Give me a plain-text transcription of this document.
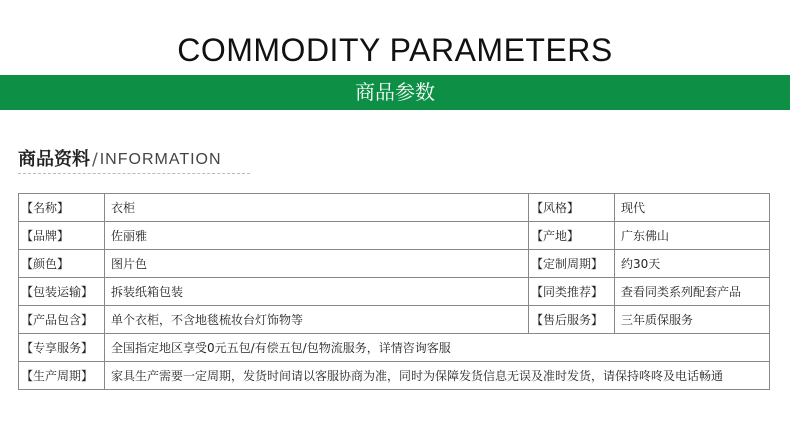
COMMODITY PARAMETERS
商品参数
商品资料 / INFORMATION
【名称】	衣柜	【风格】	现代
【品牌】	佐丽雅	【产地】	广东佛山
【颜色】	图片色	【定制周期】	约30天
【包装运输】	拆装纸箱包装	【同类推荐】	查看同类系列配套产品
【产品包含】	单个衣柜，不含地毯梳妆台灯饰物等	【售后服务】	三年质保服务
【专享服务】	全国指定地区享受0元五包/有偿五包/包物流服务，详情咨询客服		
【生产周期】	家具生产需要一定周期，发货时间请以客服协商为准，同时为保障发货信息无误及准时发货，请保持咚咚及电话畅通		
